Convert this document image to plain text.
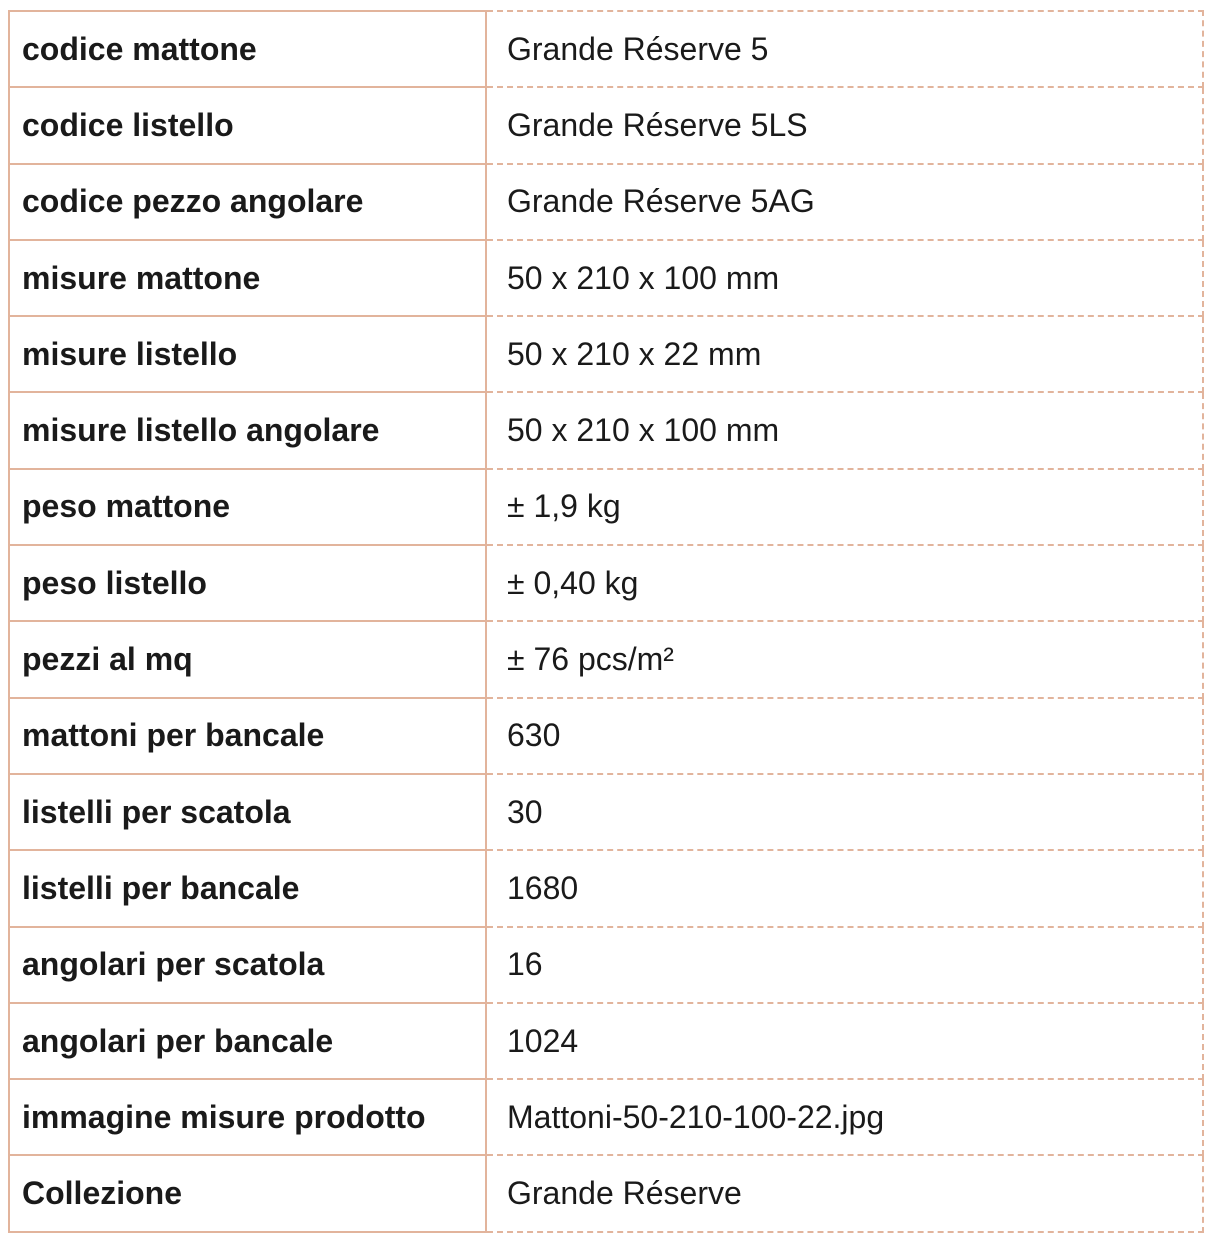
codice mattone	Grande Réserve 5
codice listello	Grande Réserve 5LS
codice pezzo angolare	Grande Réserve 5AG
misure mattone	50 x 210 x 100 mm
misure listello	50 x 210 x 22 mm
misure listello angolare	50 x 210 x 100 mm
peso mattone	± 1,9 kg
peso listello	± 0,40 kg
pezzi al mq	± 76 pcs/m²
mattoni per bancale	630
listelli per scatola	30
listelli per bancale	1680
angolari per scatola	16
angolari per bancale	1024
immagine misure prodotto	Mattoni-50-210-100-22.jpg
Collezione	Grande Réserve
